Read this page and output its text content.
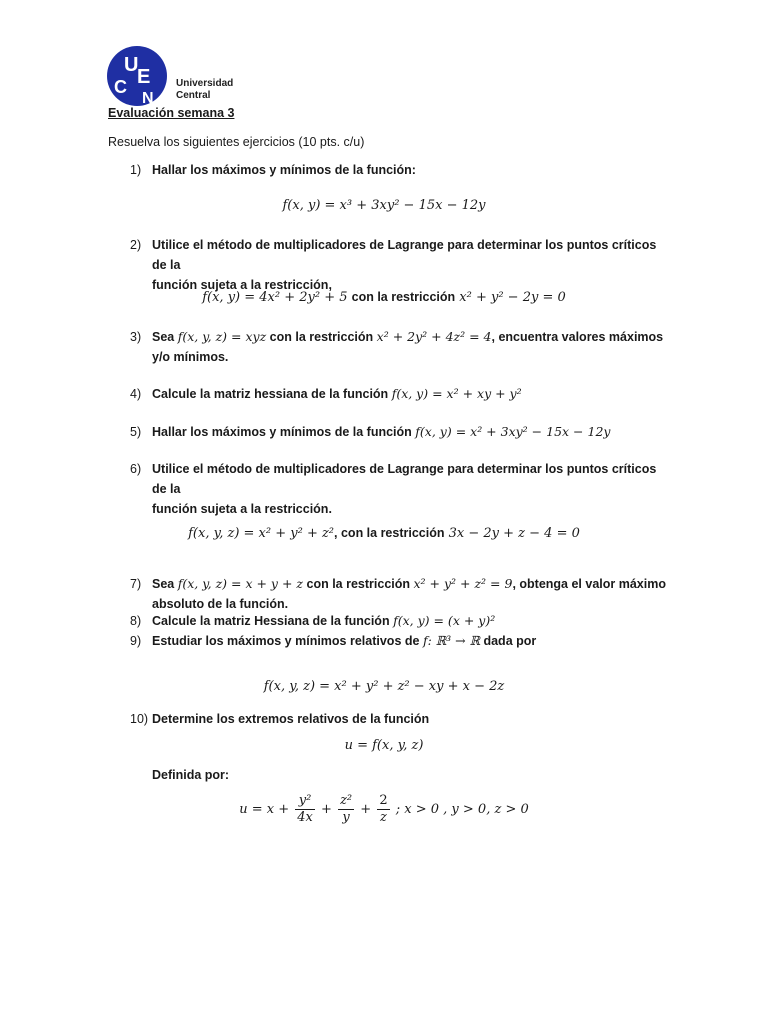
U
E
C
N
Universidad
Central
Evaluación semana 3
Resuelva los siguientes ejercicios (10 pts. c/u)
1) Hallar los máximos y mínimos de la función:
f(x, y) = x³ + 3xy² − 15x − 12y
2) Utilice el método de multiplicadores de Lagrange para determinar los puntos críticos de la
función sujeta a la restricción,
f(x, y) = 4x² + 2y² + 5 con la restricción x² + y² − 2y = 0
3) Sea f(x, y, z) = xyz con la restricción x² + 2y² + 4z² = 4, encuentra valores máximos
y/o mínimos.
4) Calcule la matriz hessiana de la función f(x, y) = x² + xy + y²
5) Hallar los máximos y mínimos de la función f(x, y) = x² + 3xy² − 15x − 12y
6) Utilice el método de multiplicadores de Lagrange para determinar los puntos críticos de la
función sujeta a la restricción.
f(x, y, z) = x² + y² + z², con la restricción 3x − 2y + z − 4 = 0
7) Sea f(x, y, z) = x + y + z con la restricción x² + y² + z² = 9, obtenga el valor máximo
absoluto de la función.
8) Calcule la matriz Hessiana de la función f(x, y) = (x + y)²
9) Estudiar los máximos y mínimos relativos de f: ℝ³ → ℝ dada por
f(x, y, z) = x² + y² + z² − xy + x − 2z
10) Determine los extremos relativos de la función
u = f(x, y, z)
Definida por:
$u = x + \frac{\text{y²}}{4x} + \frac{\text{z²}}{y} + \frac{2}{z}$ ; x > 0 , y > 0, z > 0
